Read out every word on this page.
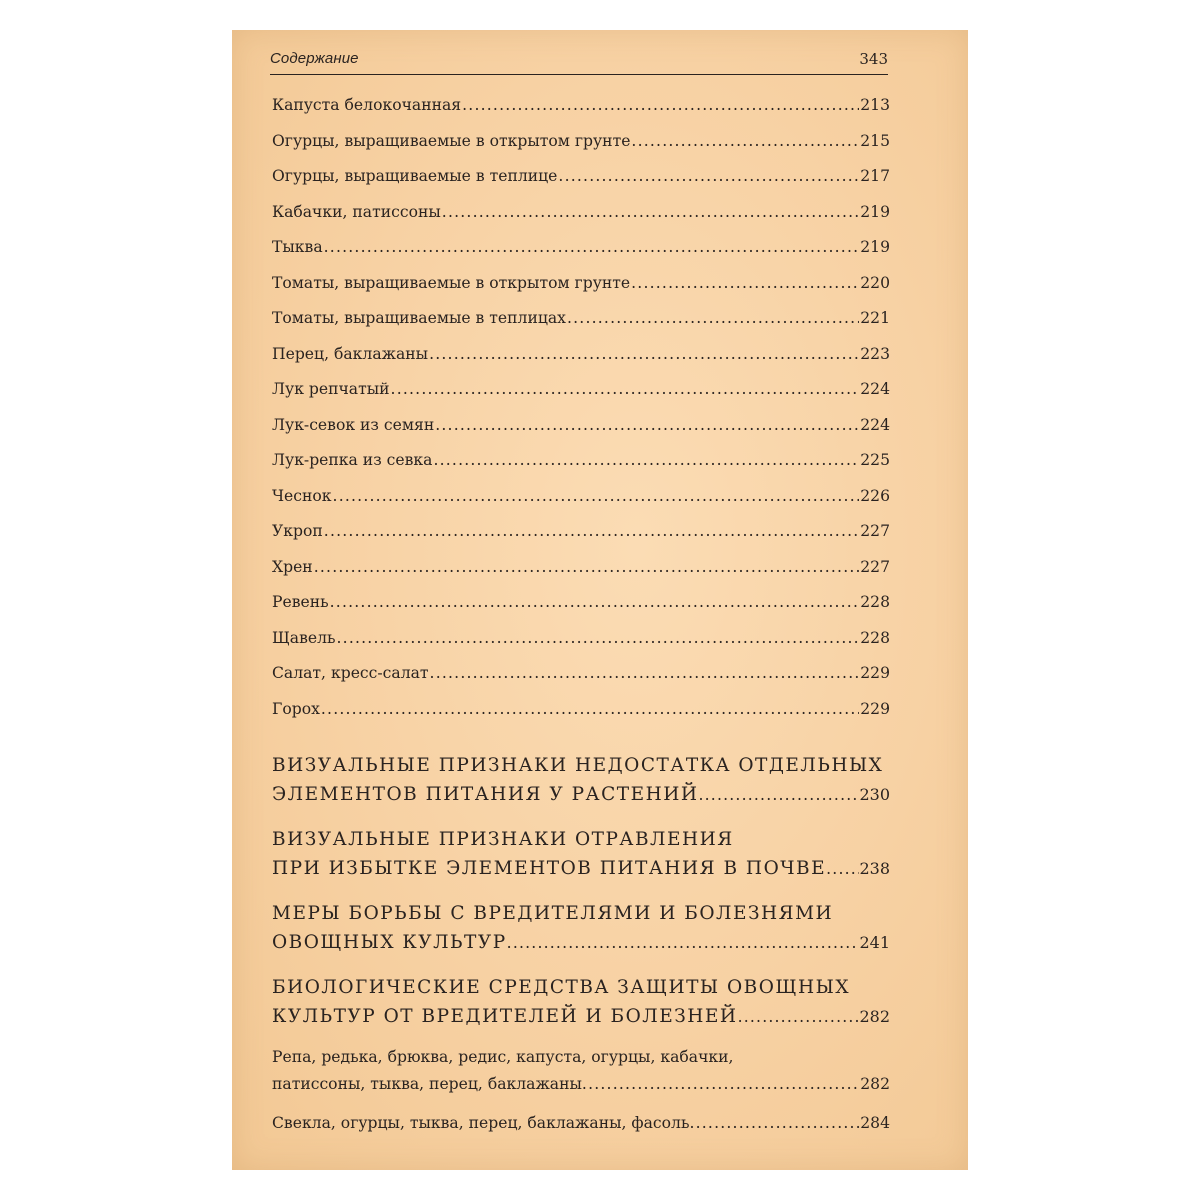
Содержание	343
Капуста белокочанная .....	213
Огурцы, выращиваемые в открытом грунте .....	215
Огурцы, выращиваемые в теплице .....	217
Кабачки, патиссоны .....	219
Тыква .....	219
Томаты, выращиваемые в открытом грунте .....	220
Томаты, выращиваемые в теплицах .....	221
Перец, баклажаны .....	223
Лук репчатый .....	224
Лук-севок из семян .....	224
Лук-репка из севка .....	225
Чеснок .....	226
Укроп .....	227
Хрен .....	227
Ревень .....	228
Щавель .....	228
Салат, кресс-салат .....	229
Горох .....	229
ВИЗУАЛЬНЫЕ ПРИЗНАКИ НЕДОСТАТКА ОТДЕЛЬНЫХ
ЭЛЕМЕНТОВ ПИТАНИЯ У РАСТЕНИЙ .....	230
ВИЗУАЛЬНЫЕ ПРИЗНАКИ ОТРАВЛЕНИЯ
ПРИ ИЗБЫТКЕ ЭЛЕМЕНТОВ ПИТАНИЯ В ПОЧВЕ ..... 238
МЕРЫ БОРЬБЫ С ВРЕДИТЕЛЯМИ И БОЛЕЗНЯМИ
ОВОЩНЫХ КУЛЬТУР .....	241
БИОЛОГИЧЕСКИЕ СРЕДСТВА ЗАЩИТЫ ОВОЩНЫХ
КУЛЬТУР ОТ ВРЕДИТЕЛЕЙ И БОЛЕЗНЕЙ .....	282
Репа, редька, брюква, редис, капуста, огурцы, кабачки,
патиссоны, тыква, перец, баклажаны .....	282
Свекла, огурцы, тыква, перец, баклажаны, фасоль .....	284
